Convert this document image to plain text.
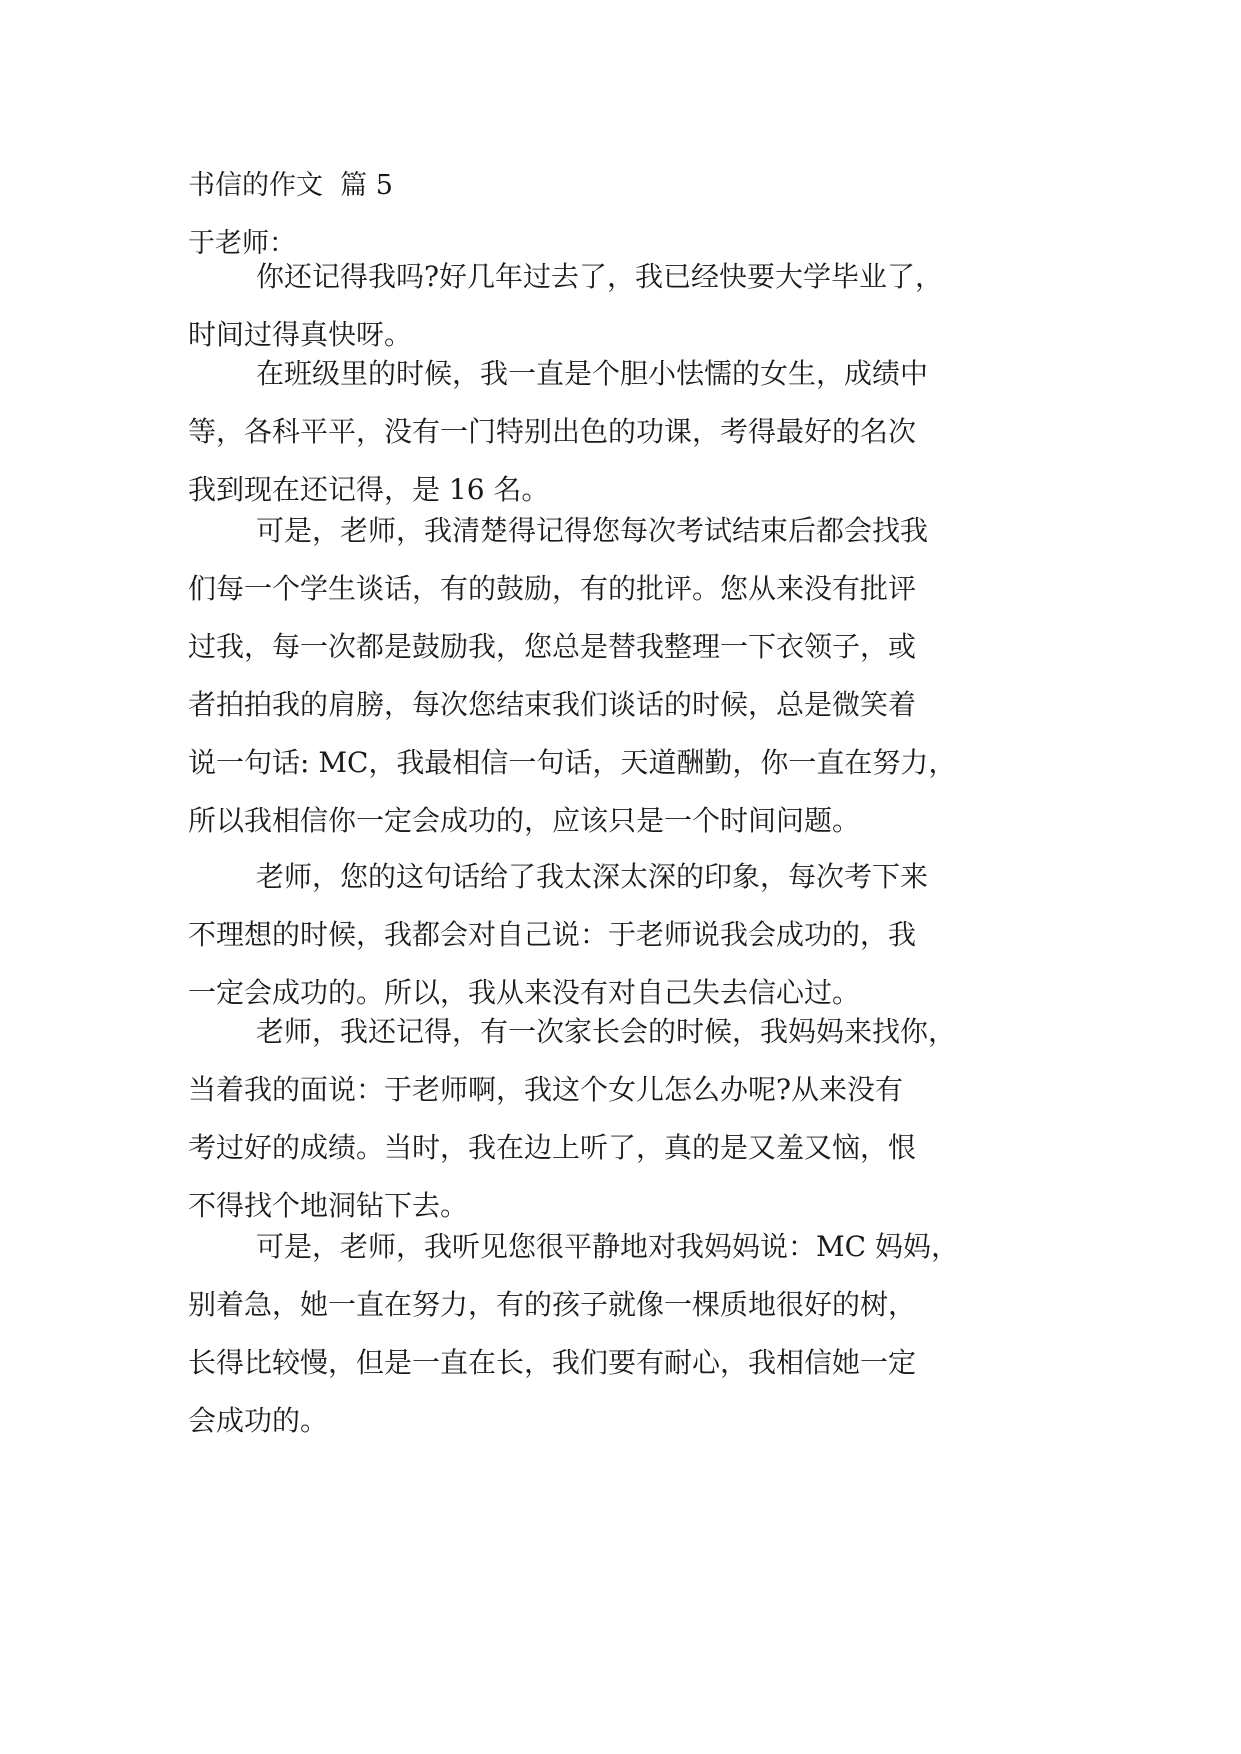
书信的作文  篇 5
于老师：

你还记得我吗?好几年过去了，我已经快要大学毕业了，
时间过得真快呀。

在班级里的时候，我一直是个胆小怯懦的女生，成绩中
等，各科平平，没有一门特别出色的功课，考得最好的名次
我到现在还记得，是 16 名。

可是，老师，我清楚得记得您每次考试结束后都会找我
们每一个学生谈话，有的鼓励，有的批评。您从来没有批评
过我，每一次都是鼓励我，您总是替我整理一下衣领子，或
者拍拍我的肩膀，每次您结束我们谈话的时候，总是微笑着
说一句话: MC，我最相信一句话，天道酬勤，你一直在努力，
所以我相信你一定会成功的，应该只是一个时间问题。

老师，您的这句话给了我太深太深的印象，每次考下来
不理想的时候，我都会对自己说：于老师说我会成功的，我
一定会成功的。所以，我从来没有对自己失去信心过。

老师，我还记得，有一次家长会的时候，我妈妈来找你，
当着我的面说：于老师啊，我这个女儿怎么办呢?从来没有
考过好的成绩。当时，我在边上听了，真的是又羞又恼，恨
不得找个地洞钻下去。

可是，老师，我听见您很平静地对我妈妈说：MC 妈妈，
别着急，她一直在努力，有的孩子就像一棵质地很好的树，
长得比较慢，但是一直在长，我们要有耐心，我相信她一定
会成功的。
